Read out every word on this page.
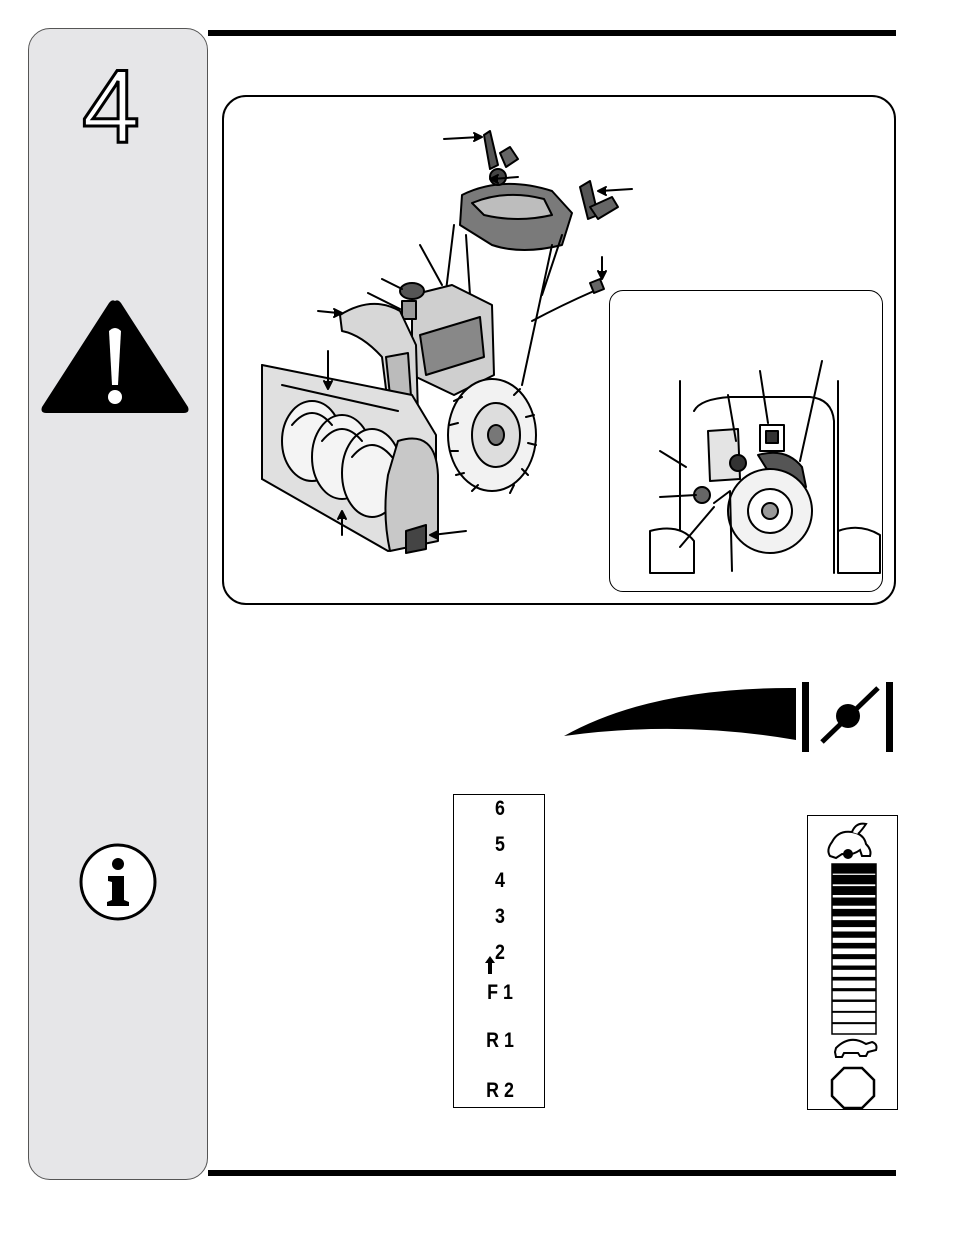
4
6
5
4
3
2
F 1
R 1
R 2
